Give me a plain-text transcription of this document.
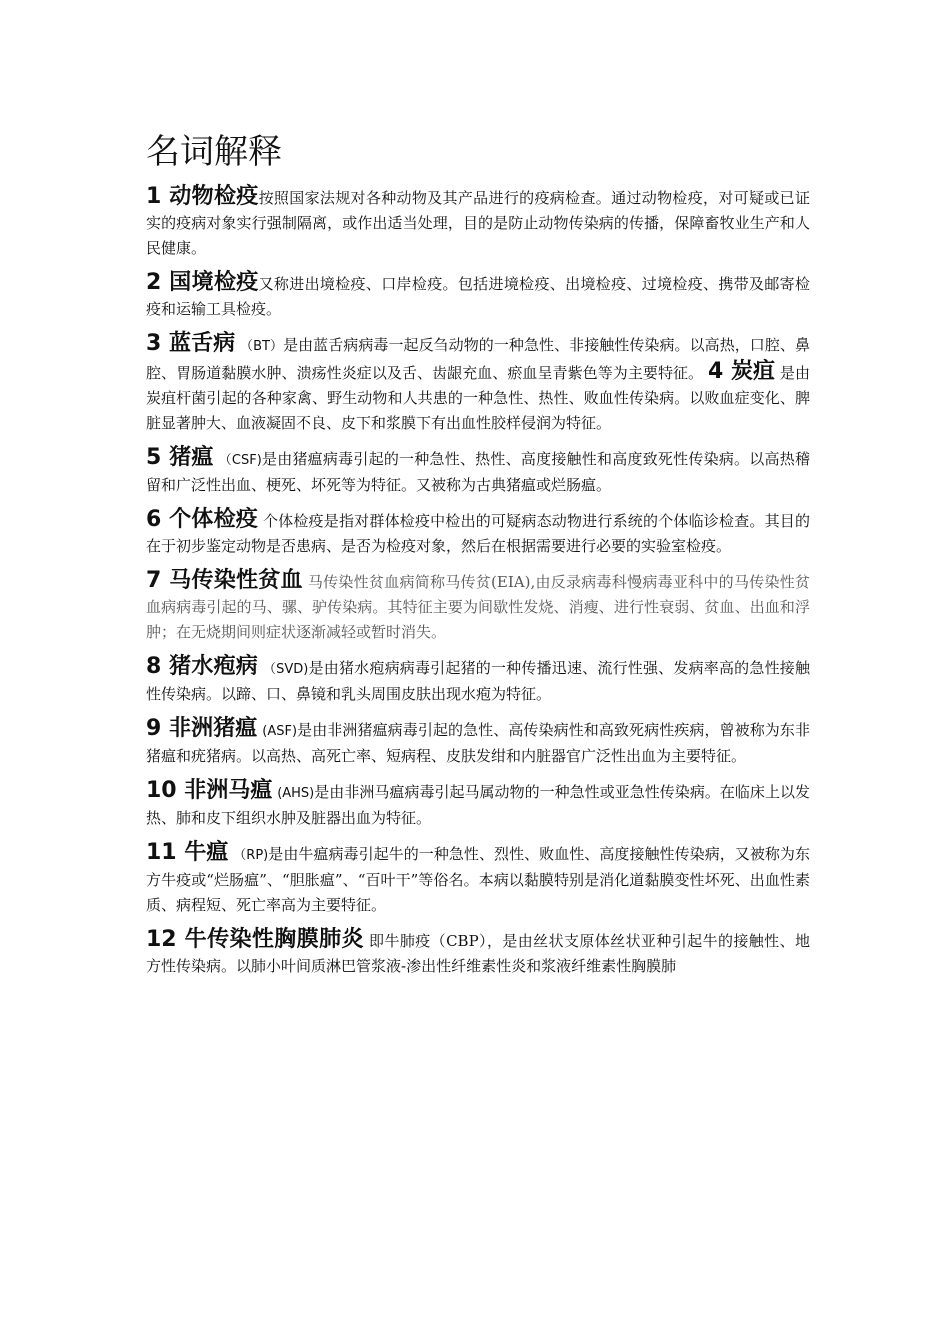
名词解释

1 动物检疫按照国家法规对各种动物及其产品进行的疫病检查。通过动物检疫，对可疑或已证实的疫病对象实行强制隔离，或作出适当处理，目的是防止动物传染病的传播，保障畜牧业生产和人民健康。

2 国境检疫又称进出境检疫、口岸检疫。包括进境检疫、出境检疫、过境检疫、携带及邮寄检疫和运输工具检疫。

3 蓝舌病 （BT）是由蓝舌病病毒一起反刍动物的一种急性、非接触性传染病。以高热，口腔、鼻腔、胃肠道黏膜水肿、溃疡性炎症以及舌、齿龈充血、瘀血呈青紫色等为主要特征。 4 炭疽 是由炭疽杆菌引起的各种家禽、野生动物和人共患的一种急性、热性、败血性传染病。以败血症变化、脾脏显著肿大、血液凝固不良、皮下和浆膜下有出血性胶样侵润为特征。

5 猪瘟 （CSF)是由猪瘟病毒引起的一种急性、热性、高度接触性和高度致死性传染病。以高热稽留和广泛性出血、梗死、坏死等为特征。又被称为古典猪瘟或烂肠瘟。

6 个体检疫 个体检疫是指对群体检疫中检出的可疑病态动物进行系统的个体临诊检查。其目的在于初步鉴定动物是否患病、是否为检疫对象，然后在根据需要进行必要的实验室检疫。

7 马传染性贫血 马传染性贫血病简称马传贫(EIA),由反录病毒科慢病毒亚科中的马传染性贫血病病毒引起的马、骡、驴传染病。其特征主要为间歇性发烧、消瘦、进行性衰弱、贫血、出血和浮肿；在无烧期间则症状逐渐减轻或暂时消失。

8 猪水疱病 （SVD)是由猪水疱病病毒引起猪的一种传播迅速、流行性强、发病率高的急性接触性传染病。以蹄、口、鼻镜和乳头周围皮肤出现水疱为特征。

9 非洲猪瘟 (ASF)是由非洲猪瘟病毒引起的急性、高传染病性和高致死病性疾病，曾被称为东非猪瘟和疣猪病。以高热、高死亡率、短病程、皮肤发绀和内脏器官广泛性出血为主要特征。

10 非洲马瘟 (AHS)是由非洲马瘟病毒引起马属动物的一种急性或亚急性传染病。在临床上以发热、肺和皮下组织水肿及脏器出血为特征。

11 牛瘟 （RP)是由牛瘟病毒引起牛的一种急性、烈性、败血性、高度接触性传染病，又被称为东方牛疫或“烂肠瘟”、“胆胀瘟”、“百叶干”等俗名。本病以黏膜特别是消化道黏膜变性坏死、出血性素质、病程短、死亡率高为主要特征。

12 牛传染性胸膜肺炎 即牛肺疫（CBP），是由丝状支原体丝状亚种引起牛的接触性、地方性传染病。以肺小叶间质淋巴管浆液-渗出性纤维素性炎和浆液纤维素性胸膜肺
